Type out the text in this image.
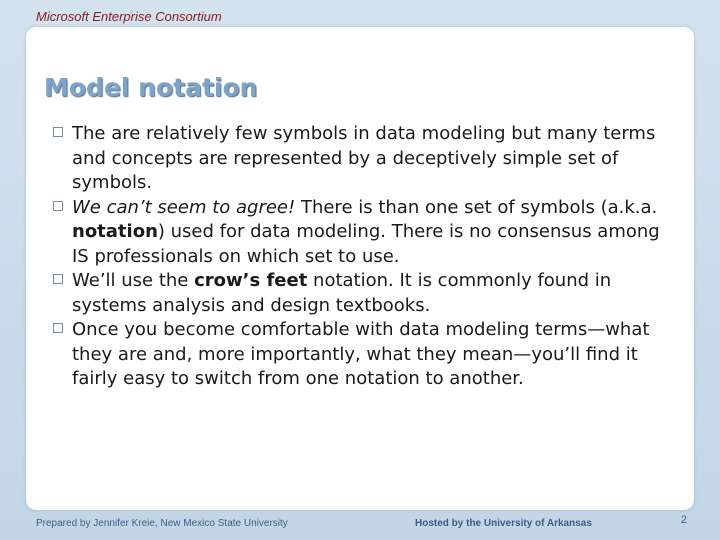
Microsoft Enterprise Consortium
Model notation
The are relatively few symbols in data modeling but many terms and concepts are represented by a deceptively simple set of symbols.
We can’t seem to agree! There is than one set of symbols (a.k.a. notation) used for data modeling. There is no consensus among IS professionals on which set to use.
We’ll use the crow’s feet notation. It is commonly found in systems analysis and design textbooks.
Once you become comfortable with data modeling terms—what they are and, more importantly, what they mean—you’ll find it fairly easy to switch from one notation to another.
Prepared by Jennifer Kreie, New Mexico State University	Hosted by the University of Arkansas	2
